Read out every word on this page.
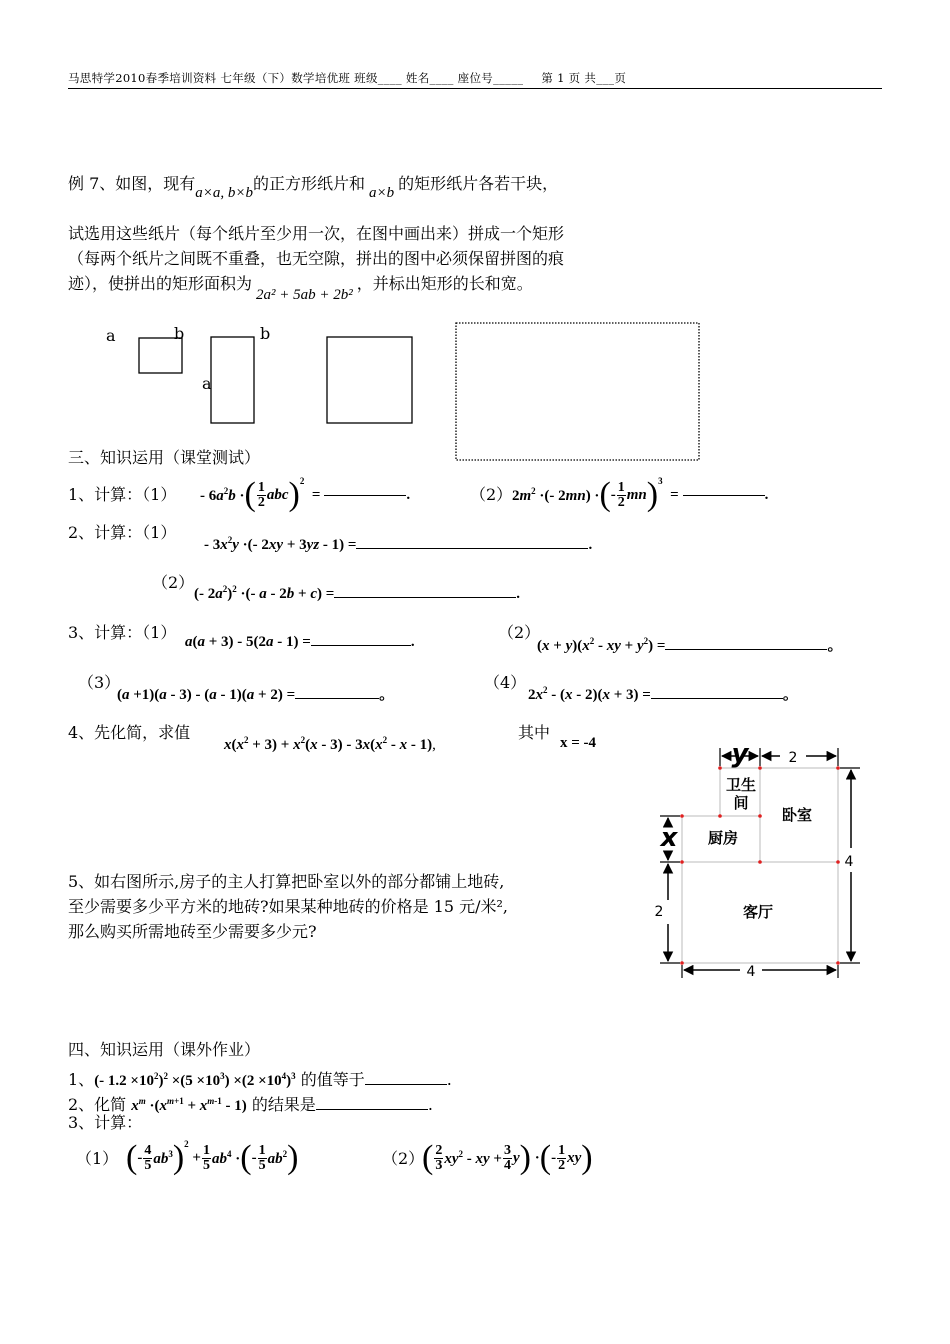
马思特学2010春季培训资料 七年级（下）数学培优班 班级____ 姓名____ 座位号_____ 第 1 页 共___页
例 7、如图，现有a×a, b×b的正方形纸片和 a×b 的矩形纸片各若干块，
试选用这些纸片（每个纸片至少用一次，在图中画出来）拼成一个矩形
（每两个纸片之间既不重叠，也无空隙，拼出的图中必须保留拼图的痕
迹），使拼出的矩形面积为2a² + 5ab + 2b²，并标出矩形的长和宽。
a	b	b
a
三、知识运用（课堂测试）
1、计算：$(1) - 6a^2b$ · ( $\frac{1}{2}$ abc )$^2$
=	.	（2） $2m^2$ ·(- 2mn) · ( - $\frac{1}{2}$ mn )$^3$
=	.
2、计算：（1）
- $3x^2y$ ·(- 2xy + 3yz - 1) =	.
（2）
(- $2a^2)^2$ ·(- a - 2b + c) =	.
3、计算：（1） a(a + 3) - 5(2a - 1) =	.	（2）
$(x + y)(x^2$ - xy + $y^2$) =	。
（3）
(a +1)(a - 3) - (a - 1)(a + 2) =	。
（4）
$2x^2 - (x - 2)(x + 3)$ =	。
4、先化简，求值
$x(x^2 + 3) + x^2(x - 3) - 3x(x^2 - x - 1)$,
其中
x = -4
5、如右图所示,房子的主人打算把卧室以外的部分都铺上地砖,
至少需要多少平方米的地砖?如果某种地砖的价格是 15 元/米²,
那么购买所需地砖至少需要多少元?
y
x
2
4
2
4
卫生
间
卧室
厨房
客厅
四、知识运用（课外作业）
1、(- $1.2 \times 10^2)^2 \times(5 \times 10^3) \times(2 \times 10^4)^3$ 的值等于	.
2、化简 $x^m \cdot(x^{m+1} + x^{m-1} - 1)$ 的结果是	.
3、计算：
（1） ( - $\frac{4}{5} ab^3$ )$^2$
+ $\frac{1}{5} ab^4$ · ( - $\frac{1}{5} ab^2$ )	（2）
( $\frac{2}{3} xy^2$ - xy + $\frac{3}{4}$ y ) · ( - $\frac{1}{2}$ xy )
